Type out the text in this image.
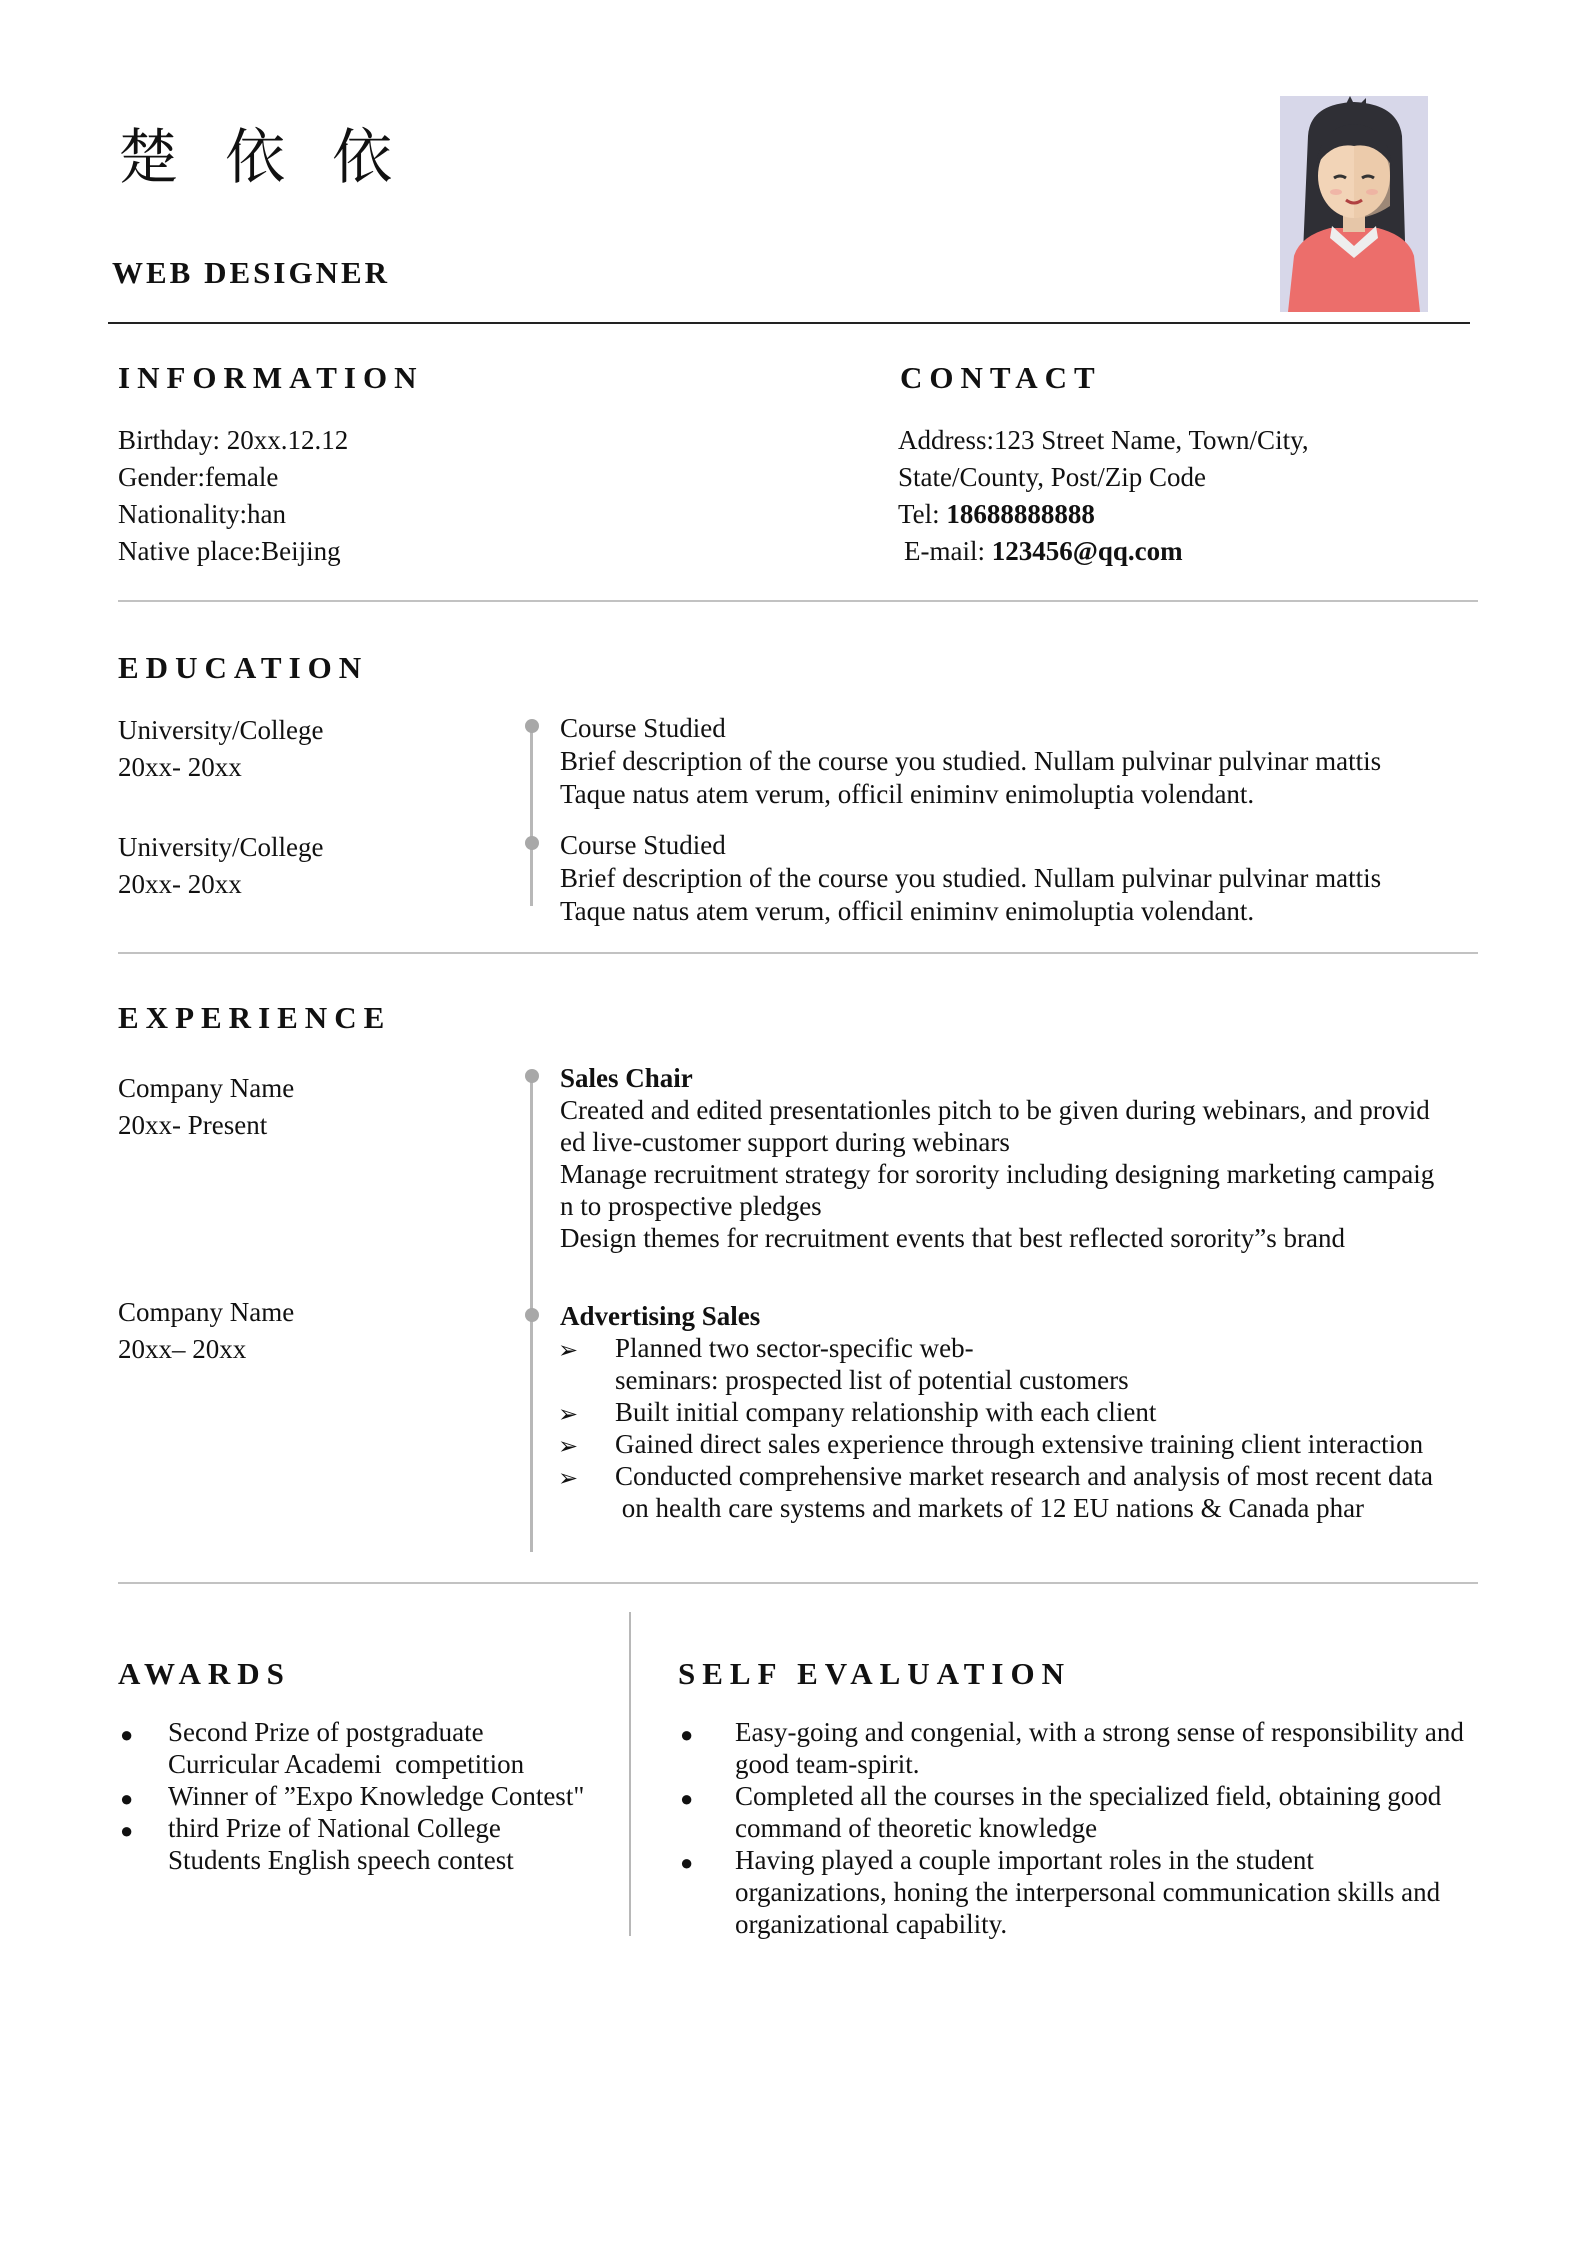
楚 依 依
WEB DESIGNER
INFORMATION
Birthday: 20xx.12.12
Gender:female
Nationality:han
Native place:Beijing
CONTACT
Address:123 Street Name, Town/City,
State/County, Post/Zip Code
Tel: 18688888888
E-mail: 123456@qq.com
EDUCATION
University/College
20xx- 20xx
Course Studied
Brief description of the course you studied. Nullam pulvinar pulvinar mattis
Taque natus atem verum, officil eniminv enimoluptia volendant.
University/College
20xx- 20xx
Course Studied
Brief description of the course you studied. Nullam pulvinar pulvinar mattis
Taque natus atem verum, officil eniminv enimoluptia volendant.
EXPERIENCE
Company Name
20xx- Present
Sales Chair
Created and edited presentationles pitch to be given during webinars, and provid
ed live-customer support during webinars
Manage recruitment strategy for sorority including designing marketing campaig
n to prospective pledges
Design themes for recruitment events that best reflected sorority”s brand
Company Name
20xx– 20xx
Advertising Sales
➢ Planned two sector-specific web-
seminars: prospected list of potential customers
➢ Built initial company relationship with each client
➢ Gained direct sales experience through extensive training client interaction
➢ Conducted comprehensive market research and analysis of most recent data
on health care systems and markets of 12 EU nations & Canada phar
AWARDS
● Second Prize of postgraduate
Curricular Academi  competition
● Winner of ”Expo Knowledge Contest"
● third Prize of National College
Students English speech contest
SELF EVALUATION
● Easy-going and congenial, with a strong sense of responsibility and
good team-spirit.
● Completed all the courses in the specialized field, obtaining good
command of theoretic knowledge
● Having played a couple important roles in the student
organizations, honing the interpersonal communication skills and
organizational capability.
